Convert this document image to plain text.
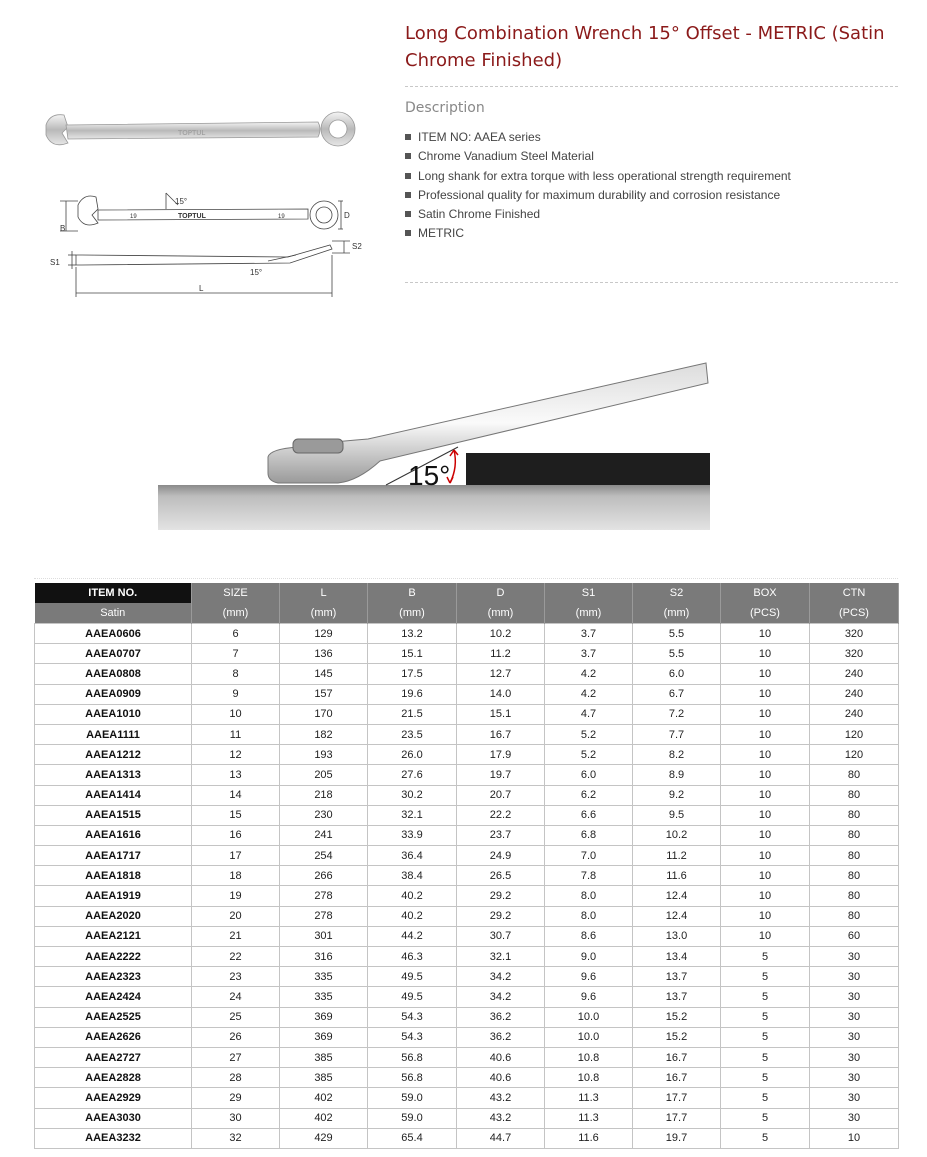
TOPTUL
B
D
15°
TOPTUL
19	19
S1
S2
15°
L
Long Combination Wrench 15° Offset - METRIC (Satin Chrome Finished)
Description
ITEM NO: AAEA series
Chrome Vanadium Steel Material
Long shank for extra torque with less operational strength requirement
Professional quality for maximum durability and corrosion resistance
Satin Chrome Finished
METRIC
15°
ITEM NO.	SIZE	L	B	D	S1	S2	BOX	CTN
Satin	(mm)	(mm)	(mm)	(mm)	(mm)	(mm)	(PCS)	(PCS)
AAEA0606	6	129	13.2	10.2	3.7	5.5	10	320
AAEA0707	7	136	15.1	11.2	3.7	5.5	10	320
AAEA0808	8	145	17.5	12.7	4.2	6.0	10	240
AAEA0909	9	157	19.6	14.0	4.2	6.7	10	240
AAEA1010	10	170	21.5	15.1	4.7	7.2	10	240
AAEA1111	11	182	23.5	16.7	5.2	7.7	10	120
AAEA1212	12	193	26.0	17.9	5.2	8.2	10	120
AAEA1313	13	205	27.6	19.7	6.0	8.9	10	80
AAEA1414	14	218	30.2	20.7	6.2	9.2	10	80
AAEA1515	15	230	32.1	22.2	6.6	9.5	10	80
AAEA1616	16	241	33.9	23.7	6.8	10.2	10	80
AAEA1717	17	254	36.4	24.9	7.0	11.2	10	80
AAEA1818	18	266	38.4	26.5	7.8	11.6	10	80
AAEA1919	19	278	40.2	29.2	8.0	12.4	10	80
AAEA2020	20	278	40.2	29.2	8.0	12.4	10	80
AAEA2121	21	301	44.2	30.7	8.6	13.0	10	60
AAEA2222	22	316	46.3	32.1	9.0	13.4	5	30
AAEA2323	23	335	49.5	34.2	9.6	13.7	5	30
AAEA2424	24	335	49.5	34.2	9.6	13.7	5	30
AAEA2525	25	369	54.3	36.2	10.0	15.2	5	30
AAEA2626	26	369	54.3	36.2	10.0	15.2	5	30
AAEA2727	27	385	56.8	40.6	10.8	16.7	5	30
AAEA2828	28	385	56.8	40.6	10.8	16.7	5	30
AAEA2929	29	402	59.0	43.2	11.3	17.7	5	30
AAEA3030	30	402	59.0	43.2	11.3	17.7	5	30
AAEA3232	32	429	65.4	44.7	11.6	19.7	5	10
